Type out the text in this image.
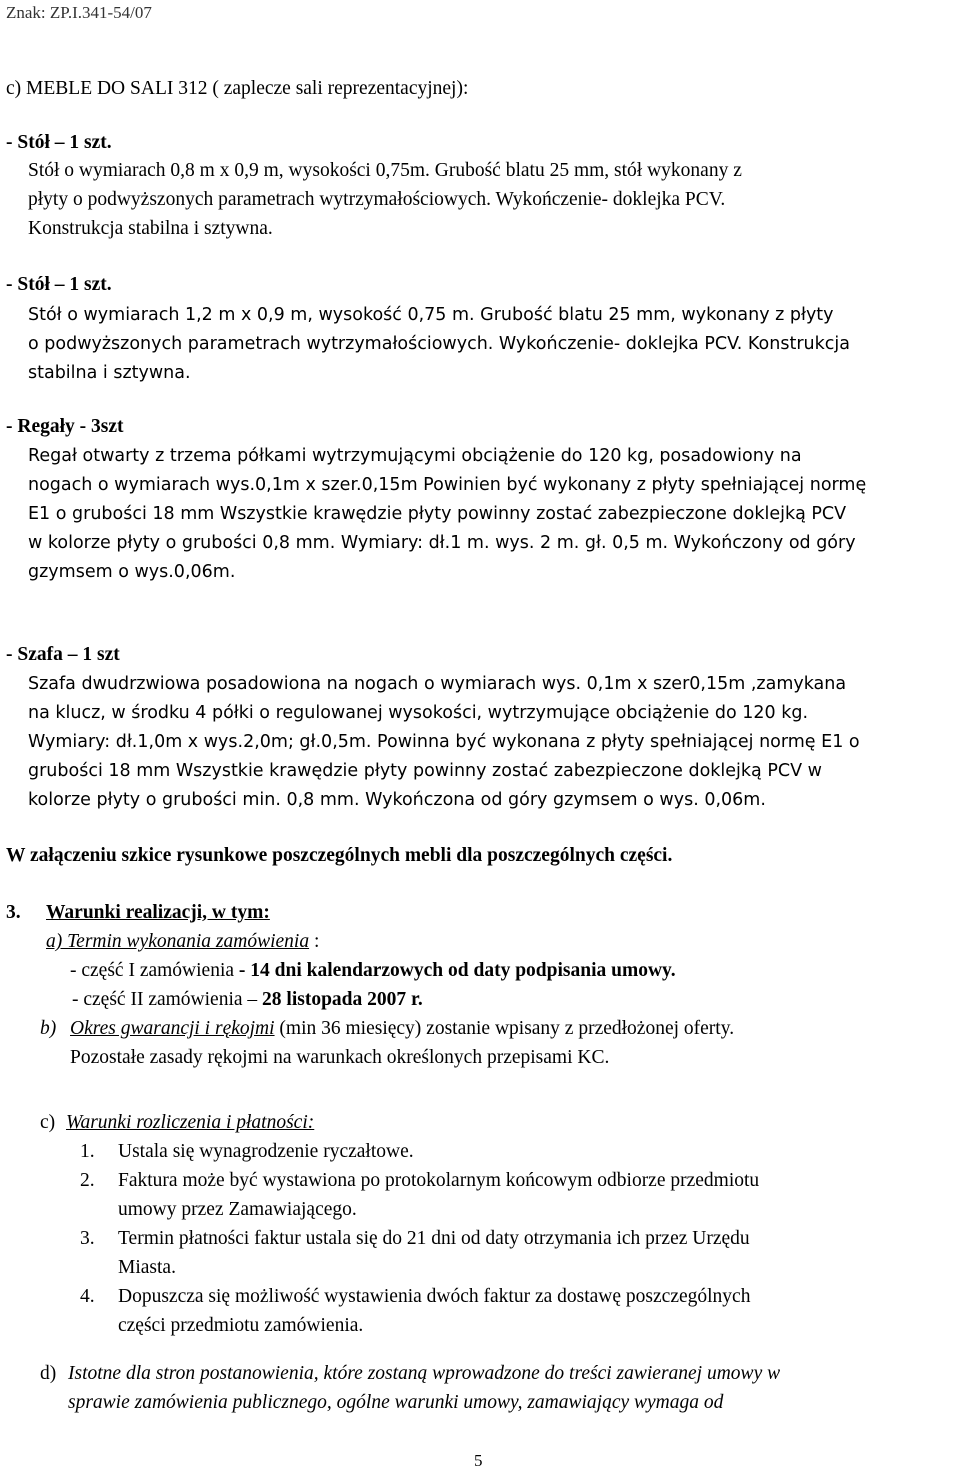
Znak: ZP.I.341-54/07
c) MEBLE DO SALI 312 ( zaplecze sali reprezentacyjnej):
- Stół – 1 szt.
Stół o wymiarach 0,8 m x 0,9 m, wysokości 0,75m. Grubość blatu 25 mm, stół wykonany z
płyty o podwyższonych parametrach wytrzymałościowych. Wykończenie- doklejka PCV.
Konstrukcja stabilna i sztywna.
- Stół – 1 szt.
Stół o wymiarach 1,2 m x 0,9 m, wysokość 0,75 m. Grubość blatu 25 mm, wykonany z płyty
o podwyższonych parametrach wytrzymałościowych. Wykończenie- doklejka PCV. Konstrukcja
stabilna i sztywna.
- Regały - 3szt
Regał otwarty z trzema półkami wytrzymującymi obciążenie do 120 kg, posadowiony na
nogach o wymiarach wys.0,1m x szer.0,15m Powinien być wykonany z płyty spełniającej normę
E1 o grubości 18 mm Wszystkie krawędzie płyty powinny zostać zabezpieczone doklejką PCV
w kolorze płyty o grubości 0,8 mm. Wymiary: dł.1 m. wys. 2 m. gł. 0,5 m. Wykończony od góry
gzymsem o wys.0,06m.
- Szafa – 1 szt
Szafa dwudrzwiowa posadowiona na nogach o wymiarach wys. 0,1m x szer0,15m ,zamykana
na klucz, w środku 4 półki o regulowanej wysokości, wytrzymujące obciążenie do 120 kg.
Wymiary: dł.1,0m x wys.2,0m; gł.0,5m. Powinna być wykonana z płyty spełniającej normę E1 o
grubości 18 mm Wszystkie krawędzie płyty powinny zostać zabezpieczone doklejką PCV w
kolorze płyty o grubości min. 0,8 mm. Wykończona od góry gzymsem o wys. 0,06m.
W załączeniu szkice rysunkowe poszczególnych mebli dla poszczególnych części.
3. Warunki realizacji, w tym:
a) Termin wykonania zamówienia :
- część I zamówienia - 14 dni kalendarzowych od daty podpisania umowy.
- część II zamówienia – 28 listopada 2007 r.
b) Okres gwarancji i rękojmi (min 36 miesięcy) zostanie wpisany z przedłożonej oferty.
Pozostałe zasady rękojmi na warunkach określonych przepisami KC.
c) Warunki rozliczenia i płatności:
1. Ustala się wynagrodzenie ryczałtowe.
2. Faktura może być wystawiona po protokolarnym końcowym odbiorze przedmiotu
umowy przez Zamawiającego.
3. Termin płatności faktur ustala się do 21 dni od daty otrzymania ich przez Urzędu
Miasta.
4. Dopuszcza się możliwość wystawienia dwóch faktur za dostawę poszczególnych
części przedmiotu zamówienia.
d) Istotne dla stron postanowienia, które zostaną wprowadzone do treści zawieranej umowy w
sprawie zamówienia publicznego, ogólne warunki umowy, zamawiający wymaga od
5
